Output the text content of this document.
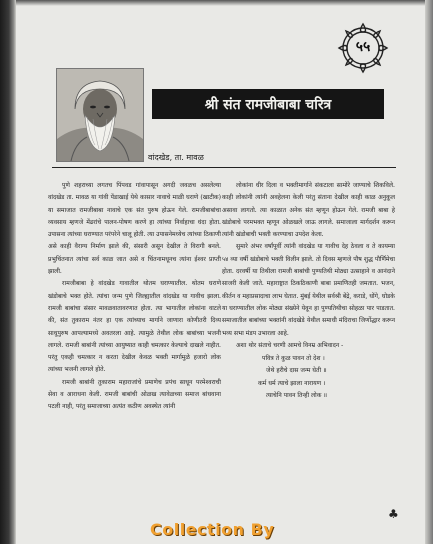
५५
श्री संत रामजीबाबा चरित्र
वांदखेड, ता. मावळ

पुणे शहराच्या लगतच पिंपवड गांवापासून अगदी जवळच असलेल्या वांदखेड ता. मावळ या गांवी पेंडाखाई येथे कासार नावाचे माळी घराणे (खाटीक) या समाजात रामजीबाबा नावाचे एक संत पुरुष होऊन गेले. रामजीबाबांचा व्यवसाय म्हणजे मेंढरांचे पालन-पोषण करणे हा त्यांच्या निर्वाहाचा धंदा होता. उपासना त्यांच्या घराण्यात परंपरेने चालू होती. त्या उपासनेमध्येच त्यांच्या ठिकाणी असे काही वैराग्य निर्माण झाले की, संसारी असून देखील ते विरागी बनले. प्रभुचिंतनात त्यांचा सर्व काळ जात असे व चिंतनामधूनच त्यांना ईश्वर प्राप्ती झाली.

रामजीबाबा हे वांदखेड गावातील थोतम घराण्यातील. थोतम घराणे खंडोबाचे भक्त होते. त्यांचा जन्म पुणे जिल्ह्यातील वांदखेड या गावीच झाला. रामजी बाबांचा संसार मावळवातावरणात होता. त्या भागातील लोकांना वाटले की, संत तुकाराम नंतर हा एक त्यांच्याच मार्गाने जाणारा कोणीतरी दिव्य साधुपुरुष आपल्यामध्ये अवतरला आहे. त्यामुळे तेथील लोक बाबांच्या भजनी लागले. रामजी बाबांनी त्यांच्या आयुष्यात काही चमत्कार केल्याचे दाखले नाहीत. परंतु एकही चमत्कार न करता देखील केवळ भक्ती मार्गामुळे हजारो लोक त्यांच्या भजनी लागले होते.

रामजी बाबांनी तुकाराम महाराजांचे प्रमाणेच प्रपंच साधून परमेश्वराची सेवा व आराधना केली. रामजी बाबांची ओळख त्यावेळच्या समाज बांधवाना पटली नाही, परंतु समाजाच्या अत्यंत कठीण अवस्थेत त्यांनी

लोकांना धीर दिला व भक्तीमार्गाने संकटाला सामोरे जाण्याचे शिकविले. काही लोकांनी त्यांनी अवहेलना केली परंतु संताना देखील काही काळ अनुकूल असावा लागतो. त्या काळात अनेक संत म्हणून होऊन गेले. रामजी बाबा हे खंडोबाचे परमभक्त म्हणून ओळखले जाऊ लागले. समाजाला मार्गदर्शन करून त्यांनी खंडोबाची भक्ती करण्याचा उपदेश केला.

सुमारे अंभर वर्षांपूर्वी त्यांनी वांदखेड या गावीच देह ठेवला व ते कायम्या ५४ व्या वर्षी खंडोबाचे भक्ती विलीन झाले. तो दिवस म्हणजे पौष शुद्ध पौर्णिमेचा होता. दरवर्षी या तिथीला रामजी बाबांची पुण्यतिथी मोठ्या उत्साहाने व आनंदाने साजरी केली जाते. महाराष्ट्रात ठिकठिकाणी बाबा प्रमाणितही जमतात. भजन, कीर्तन व महाप्रसादाचा लाभ घेतात. मुंबई येथील सर्वश्री बेंद्रे, कराडे, धोंगे, घोडके या घराण्यातील लोक मोठ्या संख्येने येवून हा पुण्यतिथीचा सोहळा पार पाडतात. समाजातील बाबांच्या भक्तांनी वांदखेडे येथील समाधी मंदिराचा जिर्णोद्धार करून भव्य सभा मंडप उभारला आहे.

अशा थोर संताचे चरणी आमचे विनम्र अभिवादन -

पवित्र ते कुळ पावन तो देश ।
जेथे हरीचे दास जन्म घेती ॥
कर्म धर्म त्याचे झाला नारायण ।
त्याचेनि पावन तिन्ही लोक ॥
♣
Collection By
